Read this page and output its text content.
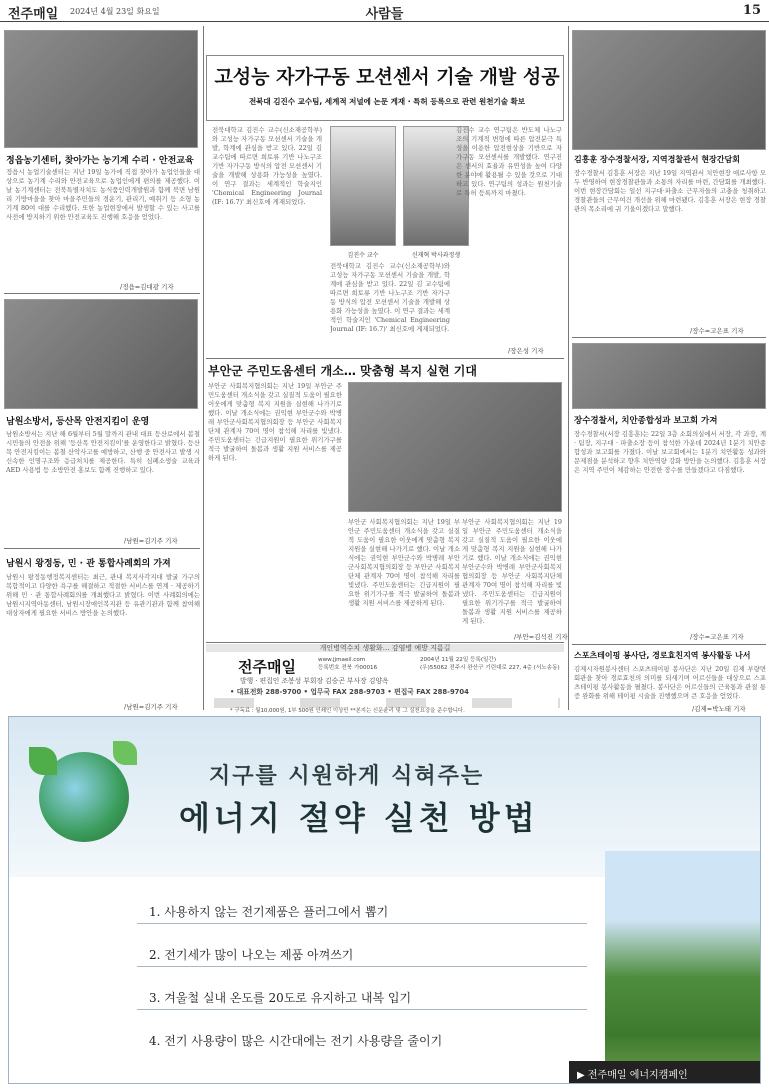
전주매일 2024년 4월 23일 화요일	사람들	15
정읍농기센터, 찾아가는 농기계 수리 · 안전교육
정읍시 농업기술센터는 지난 19일 농가에 직접 찾아가 농업인들을 대상으로 농기계 수리와 안전교육으로 농업인에게 편의를 제공했다. 이날 농기계센터는 전북특별자치도 농식품인력개발원과 함께 북면 남원리 기방마을을 찾아 마을주민들의 경운기, 관리기, 예취기 등 소형 농기계 80여 대를 수리했다. 또한 농업현장에서 발생할 수 있는 사고를 사전에 방지하기 위한 안전교육도 진행해 호응을 얻었다.
/정읍=김대광 기자
남원소방서, 등산목 안전지킴이 운영
남원소방서는 지난 해 6월부터 5월 말까지 관내 대표 등산로에서 봄철 시민들의 안전을 위해 '등산목 안전지킴이'를 운영한다고 밝혔다. 등산목 안전지킴이는 봄철 산악사고를 예방하고, 산행 중 안전사고 발생 시 신속한 인명구조와 응급처치를 제공한다. 특히 심폐소생술 교육과 AED 사용법 등 소방안전 홍보도 함께 진행하고 있다.
/남원=김기주 기자
남원시 왕정동, 민 · 관 통합사례회의 가져
남원시 왕정동행정복지센터는 최근, 관내 복지사각지대 발굴 가구의 복합적이고 다양한 욕구를 해결하고 적절한 서비스를 연계 · 제공하기 위해 민 · 관 통합사례회의를 개최했다고 밝혔다. 이번 사례회의에는 남원시지역아동센터, 남원시장애인복지관 등 유관기관과 함께 참여해 대상자에게 필요한 서비스 방안을 논의했다.
/남원=김기주 기자
고성능 자가구동 모션센서 기술 개발 성공
전북대 김진수 교수팀, 세계적 저널에 논문 게재 · 특허 등록으로 관련 원천기술 확보
전북대학교 김진수 교수(신소재공학부)와 고성능 자가구동 모션센서 기술을 개발, 학계에 관심을 받고 있다. 22일 김 교수팀에 따르면 희토류 기반 나노구조 기반 자가구동 방식의 압전 모션센서 기술을 개발해 상용화 가능성을 높였다. 이 연구 결과는 세계적인 학술지인 'Chemical Engineering Journal (IF: 16.7)' 최신호에 게재되었다.
김진수 교수	신재혁 박사과정생
전북대학교 김진수 교수(신소재공학부)와 고성능 자가구동 모션센서 기술을 개발, 학계에 관심을 받고 있다. 22일 김 교수팀에 따르면 희토류 기반 나노구조 기반 자가구동 방식의 압전 모션센서 기술을 개발해 상용화 가능성을 높였다. 이 연구 결과는 세계적인 학술지인 'Chemical Engineering Journal (IF: 16.7)' 최신호에 게재되었다.
김진수 교수 연구팀은 반도체 나노구조의 기계적 변형에 따른 압전분극 특성을 이용한 압전현상을 기반으로 자가구동 모션센서를 개발했다. 연구진은 센서의 효율과 유연성을 높여 다양한 분야에 활용될 수 있을 것으로 기대하고 있다. 연구팀의 성과는 원천기술로 특허 등록까지 마쳤다.
/장은성 기자
부안군 주민도움센터 개소… 맞춤형 복지 실현 기대
부안군 사회복지협의회는 지난 19일 부안군 주민도움센터 개소식을 갖고 실질적 도움이 필요한 이웃에게 맞춤형 복지 지원을 실현해 나가기로 했다. 이날 개소식에는 권익현 부안군수와 박병래 부안군사회복지협의회장 등 부안군 사회복지단체 관계자 70여 명이 참석해 자리를 빛냈다. 주민도움센터는 긴급지원이 필요한 위기가구를 적극 발굴하여 돌봄과 생활 지원 서비스를 제공하게 된다.
부안군 사회복지협의회는 지난 19일 부안군 주민도움센터 개소식을 갖고 실질적 도움이 필요한 이웃에게 맞춤형 복지 지원을 실현해 나가기로 했다. 이날 개소식에는 권익현 부안군수와 박병래 부안군사회복지협의회장 등 부안군 사회복지단체 관계자 70여 명이 참석해 자리를 빛냈다. 주민도움센터는 긴급지원이 필요한 위기가구를 적극 발굴하여 돌봄과 생활 지원 서비스를 제공하게 된다.
부안군 사회복지협의회는 지난 19일 부안군 주민도움센터 개소식을 갖고 실질적 도움이 필요한 이웃에게 맞춤형 복지 지원을 실현해 나가기로 했다. 이날 개소식에는 권익현 부안군수와 박병래 부안군사회복지협의회장 등 부안군 사회복지단체 관계자 70여 명이 참석해 자리를 빛냈다. 주민도움센터는 긴급지원이 필요한 위기가구를 적극 발굴하여 돌봄과 생활 지원 서비스를 제공하게 된다.
/부안=김석진 기자
개인병역수치 생활화… 감염병 예방 지름길
전주매일	www.jjmaeil.com
등록번호 전북 가00016
2004년 11월 22일 등록(일간)
(우)55062 전주시 완산구 기린대로 227, 4층 (서노송동)
발행 · 편집인 조봉성 부회장 김승곤 부사장 김양옥
• 대표전화 288-9700 • 업무국 FAX 288-9703 • 편집국 FAX 288-9704
* 구독료 : 월10,000원, 1부 500원 인쇄인 이상민 **본지는 신문윤리 및 그 실천요강을 준수합니다.
김흥훈 장수경찰서장, 지역경찰관서 현장간담회
장수경찰서 김흥훈 서장은 지난 19일 지역관서 치안현장 애로사항 모두 반영하여 현장경찰관들과 소통의 자리를 마련, 간담회를 개최했다. 이번 현장간담회는 일선 지구대·파출소 근무자들의 고충을 청취하고 경찰관들의 근무여건 개선을 위해 마련됐다. 김흥훈 서장은 현장 경찰관의 목소리에 귀 기울이겠다고 말했다.
/장수=고은표 기자
장수경찰서, 치안종합성과 보고회 가져
장수경찰서(서장 김흥훈)는 22일 3층 소회의실에서 서장, 각 과장, 계 · 팀장, 지구대 · 파출소장 등이 참석한 가운데 2024년 1분기 치안종합성과 보고회를 가졌다. 이날 보고회에서는 1분기 치안활동 성과와 문제점을 분석하고 향후 치안역량 강화 방안을 논의했다. 김흥훈 서장은 지역 주민이 체감하는 안전한 장수를 만들겠다고 다짐했다.
/장수=고은표 기자
스포츠테이핑 봉사단, 경로효친지역 봉사활동 나서
김제시자원봉사센터 스포츠테이핑 봉사단은 지난 20일 김제 부량면 회관을 찾아 경로효친의 의미를 되새기며 어르신들을 대상으로 스포츠테이핑 봉사활동을 펼쳤다. 봉사단은 어르신들의 근육통과 관절 통증 완화를 위해 테이핑 시술을 진행했으며 큰 호응을 얻었다.
/김제=박노태 기자
지구를 시원하게 식혀주는
에너지 절약 실천 방법
1. 사용하지 않는 전기제품은 플러그에서 뽑기
2. 전기세가 많이 나오는 제품 아껴쓰기
3. 겨울철 실내 온도를 20도로 유지하고 내복 입기
4. 전기 사용량이 많은 시간대에는 전기 사용량을 줄이기
▶ 전주매일 에너지캠페인
